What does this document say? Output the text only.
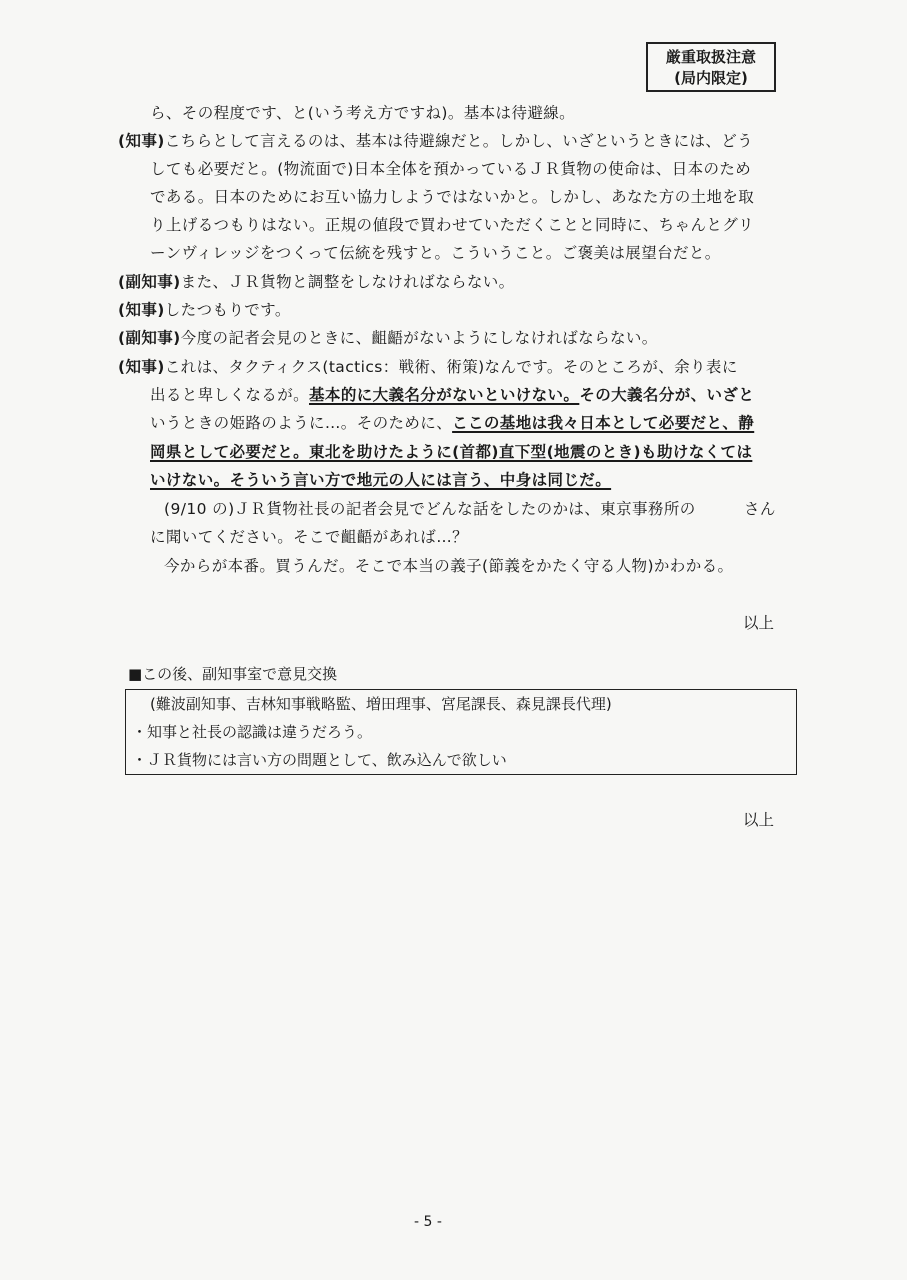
厳重取扱注意
(局内限定)
ら、その程度です、と(いう考え方ですね)。基本は待避線。
(知事)こちらとして言えるのは、基本は待避線だと。しかし、いざというときには、どう
しても必要だと。(物流面で)日本全体を預かっているＪＲ貨物の使命は、日本のため
である。日本のためにお互い協力しようではないかと。しかし、あなた方の土地を取
り上げるつもりはない。正規の値段で買わせていただくことと同時に、ちゃんとグリ
ーンヴィレッジをつくって伝統を残すと。こういうこと。ご褒美は展望台だと。
(副知事)また、ＪＲ貨物と調整をしなければならない。
(知事)したつもりです。
(副知事)今度の記者会見のときに、齟齬がないようにしなければならない。
(知事)これは、タクティクス(tactics：戦術、術策)なんです。そのところが、余り表に
出ると卑しくなるが。基本的に大義名分がないといけない。その大義名分が、いざと
いうときの姫路のように…。そのために、ここの基地は我々日本として必要だと、静
岡県として必要だと。東北を助けたように(首都)直下型(地震のとき)も助けなくては
いけない。そういう言い方で地元の人には言う、中身は同じだ。
(9/10 の)ＪＲ貨物社長の記者会見でどんな話をしたのかは、東京事務所の	さん
に聞いてください。そこで齟齬があれば…？
今からが本番。買うんだ。そこで本当の義子(節義をかたく守る人物)かわかる。
以上
■この後、副知事室で意見交換
(難波副知事、吉林知事戦略監、増田理事、宮尾課長、森見課長代理)
・知事と社長の認識は違うだろう。
・ＪＲ貨物には言い方の問題として、飲み込んで欲しい
以上
- 5 -
